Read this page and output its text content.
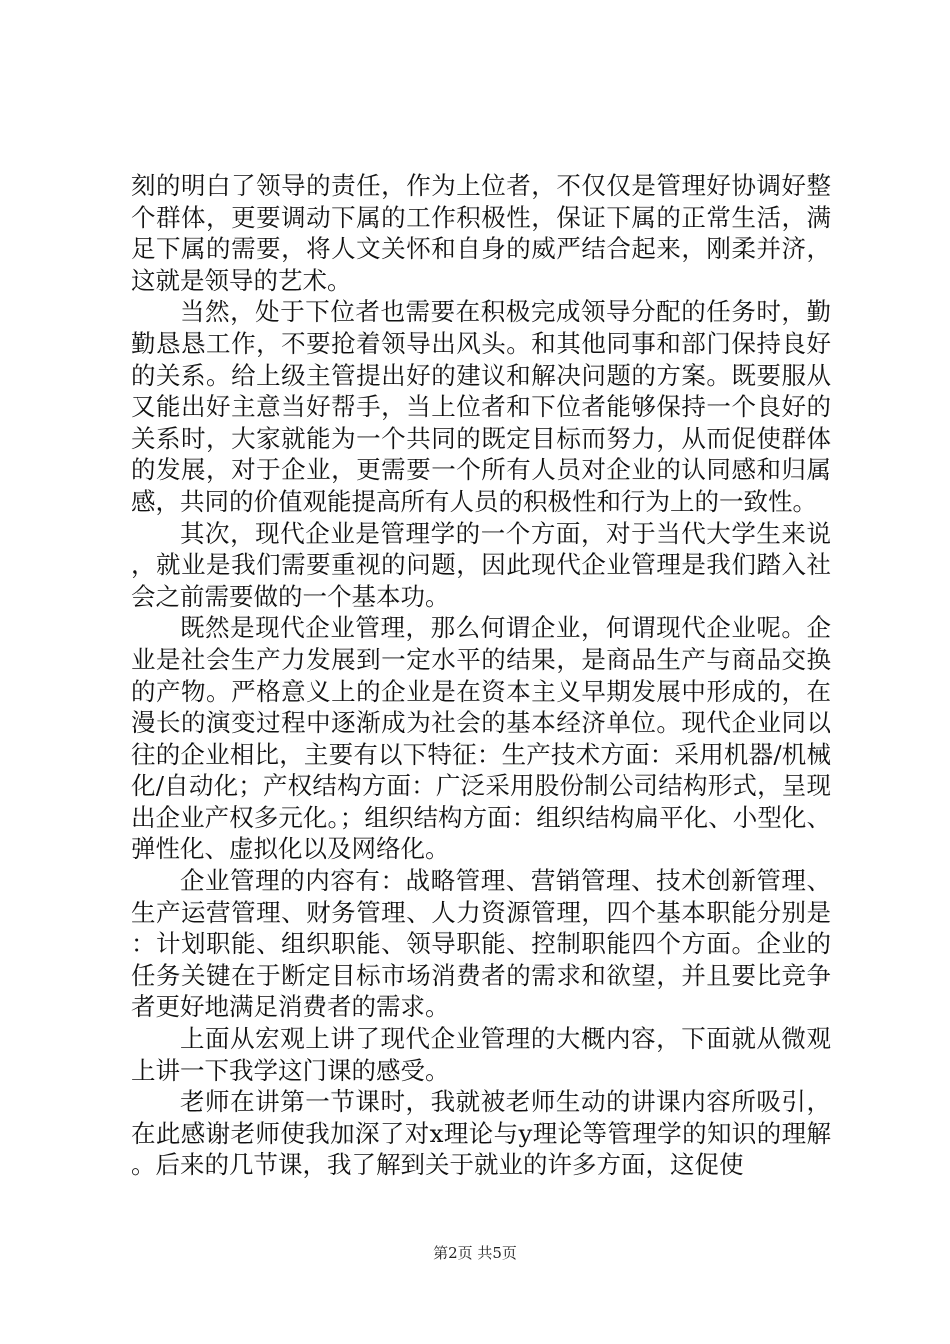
刻的明白了领导的责任，作为上位者，不仅仅是管理好协调好整个群体，更要调动下属的工作积极性，保证下属的正常生活，满足下属的需要，将人文关怀和自身的威严结合起来，刚柔并济，这就是领导的艺术。

当然，处于下位者也需要在积极完成领导分配的任务时，勤勤恳恳工作，不要抢着领导出风头。和其他同事和部门保持良好的关系。给上级主管提出好的建议和解决问题的方案。既要服从又能出好主意当好帮手，当上位者和下位者能够保持一个良好的关系时，大家就能为一个共同的既定目标而努力，从而促使群体的发展，对于企业，更需要一个所有人员对企业的认同感和归属感，共同的价值观能提高所有人员的积极性和行为上的一致性。

其次，现代企业是管理学的一个方面，对于当代大学生来说，就业是我们需要重视的问题，因此现代企业管理是我们踏入社会之前需要做的一个基本功。

既然是现代企业管理，那么何谓企业，何谓现代企业呢。企业是社会生产力发展到一定水平的结果，是商品生产与商品交换的产物。严格意义上的企业是在资本主义早期发展中形成的，在漫长的演变过程中逐渐成为社会的基本经济单位。现代企业同以往的企业相比，主要有以下特征：生产技术方面：采用机器/机械化/自动化；产权结构方面：广泛采用股份制公司结构形式，呈现出企业产权多元化。；组织结构方面：组织结构扁平化、小型化、弹性化、虚拟化以及网络化。

企业管理的内容有：战略管理、营销管理、技术创新管理、生产运营管理、财务管理、人力资源管理，四个基本职能分别是：计划职能、组织职能、领导职能、控制职能四个方面。企业的任务关键在于断定目标市场消费者的需求和欲望，并且要比竞争者更好地满足消费者的需求。

上面从宏观上讲了现代企业管理的大概内容，下面就从微观上讲一下我学这门课的感受。

老师在讲第一节课时，我就被老师生动的讲课内容所吸引，在此感谢老师使我加深了对x理论与y理论等管理学的知识的理解。后来的几节课，我了解到关于就业的许多方面，这促使

第2页 共5页
